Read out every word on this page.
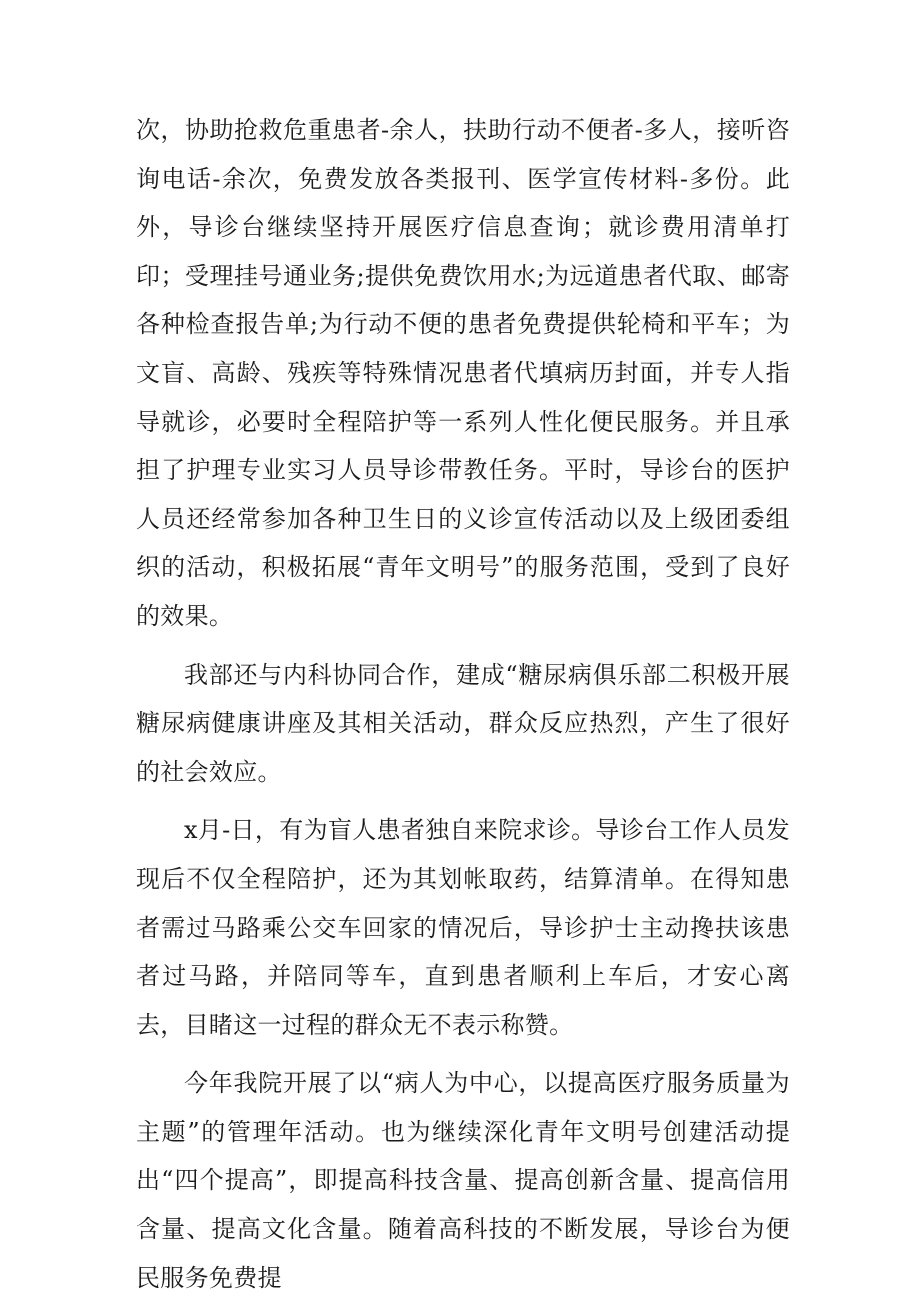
次，协助抢救危重患者-余人，扶助行动不便者-多人，接听咨询电话-余次，免费发放各类报刊、医学宣传材料-多份。此外，导诊台继续坚持开展医疗信息查询；就诊费用清单打印；受理挂号通业务;提供免费饮用水;为远道患者代取、邮寄各种检查报告单;为行动不便的患者免费提供轮椅和平车；为文盲、高龄、残疾等特殊情况患者代填病历封面，并专人指导就诊，必要时全程陪护等一系列人性化便民服务。并且承担了护理专业实习人员导诊带教任务。平时，导诊台的医护人员还经常参加各种卫生日的义诊宣传活动以及上级团委组织的活动，积极拓展“青年文明号”的服务范围，受到了良好的效果。

我部还与内科协同合作，建成“糖尿病俱乐部二积极开展糖尿病健康讲座及其相关活动，群众反应热烈，产生了很好的社会效应。

x月-日，有为盲人患者独自来院求诊。导诊台工作人员发现后不仅全程陪护，还为其划帐取药，结算清单。在得知患者需过马路乘公交车回家的情况后，导诊护士主动搀扶该患者过马路，并陪同等车，直到患者顺利上车后，才安心离去，目睹这一过程的群众无不表示称赞。

今年我院开展了以“病人为中心，以提高医疗服务质量为主题”的管理年活动。也为继续深化青年文明号创建活动提出“四个提高”，即提高科技含量、提高创新含量、提高信用含量、提高文化含量。随着高科技的不断发展，导诊台为便民服务免费提
